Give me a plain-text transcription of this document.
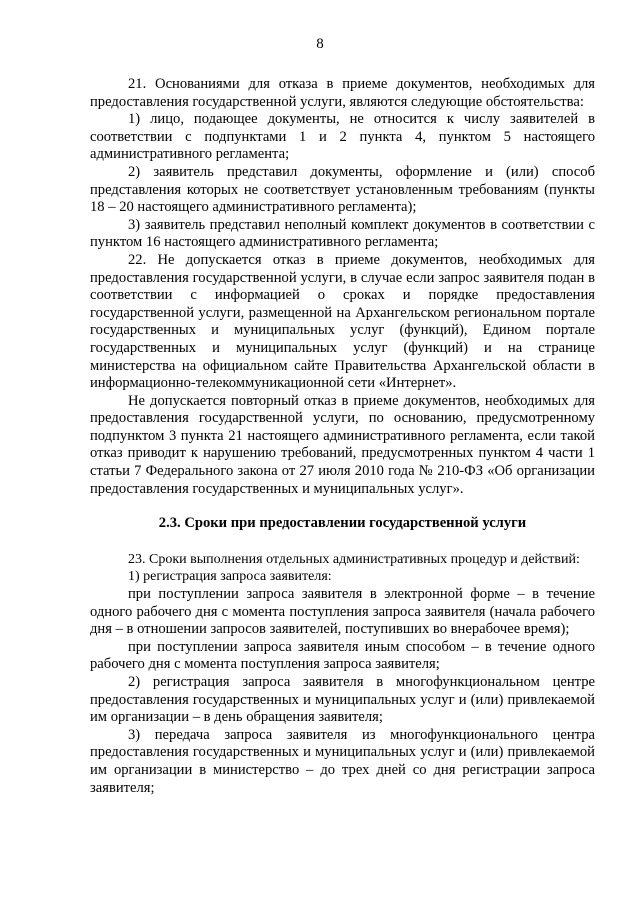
8

21. Основаниями для отказа в приеме документов, необходимых для предоставления государственной услуги, являются следующие обстоятельства:

1) лицо, подающее документы, не относится к числу заявителей в соответствии с подпунктами 1 и 2 пункта 4, пунктом 5 настоящего административного регламента;

2) заявитель представил документы, оформление и (или) способ представления которых не соответствует установленным требованиям (пункты 18 – 20 настоящего административного регламента);

3) заявитель представил неполный комплект документов в соответствии с пунктом 16 настоящего административного регламента;

22. Не допускается отказ в приеме документов, необходимых для предоставления государственной услуги, в случае если запрос заявителя подан в соответствии с информацией о сроках и порядке предоставления государственной услуги, размещенной на Архангельском региональном портале государственных и муниципальных услуг (функций), Едином портале государственных и муниципальных услуг (функций) и на странице министерства на официальном сайте Правительства Архангельской области в информационно-телекоммуникационной сети «Интернет».

Не допускается повторный отказ в приеме документов, необходимых для предоставления государственной услуги, по основанию, предусмотренному подпунктом 3 пункта 21 настоящего административного регламента, если такой отказ приводит к нарушению требований, предусмотренных пунктом 4 части 1 статьи 7 Федерального закона от 27 июля 2010 года № 210-ФЗ «Об организации предоставления государственных и муниципальных услуг».

2.3. Сроки при предоставлении государственной услуги

23. Сроки выполнения отдельных административных процедур и действий:

1) регистрация запроса заявителя:

при поступлении запроса заявителя в электронной форме – в течение одного рабочего дня с момента поступления запроса заявителя (начала рабочего дня – в отношении запросов заявителей, поступивших во внерабочее время);

при поступлении запроса заявителя иным способом – в течение одного рабочего дня с момента поступления запроса заявителя;

2) регистрация запроса заявителя в многофункциональном центре предоставления государственных и муниципальных услуг и (или) привлекаемой им организации – в день обращения заявителя;

3) передача запроса заявителя из многофункционального центра предоставления государственных и муниципальных услуг и (или) привлекаемой им организации в министерство – до трех дней со дня регистрации запроса заявителя;
